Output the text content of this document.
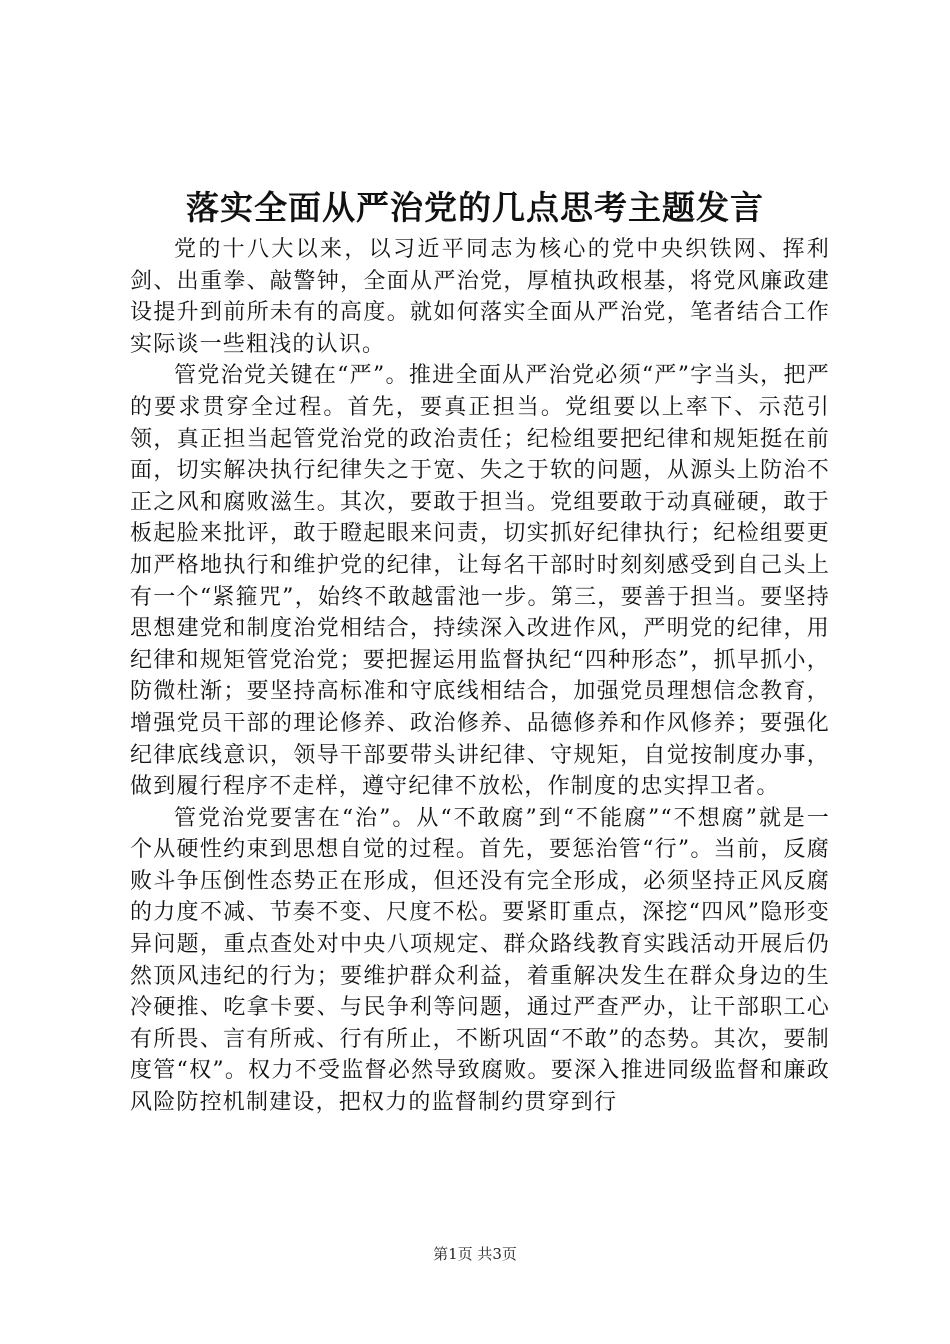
落实全面从严治党的几点思考主题发言

党的十八大以来，以习近平同志为核心的党中央织铁网、挥利剑、出重拳、敲警钟，全面从严治党，厚植执政根基，将党风廉政建设提升到前所未有的高度。就如何落实全面从严治党，笔者结合工作实际谈一些粗浅的认识。

管党治党关键在“严”。推进全面从严治党必须“严”字当头，把严的要求贯穿全过程。首先，要真正担当。党组要以上率下、示范引领，真正担当起管党治党的政治责任；纪检组要把纪律和规矩挺在前面，切实解决执行纪律失之于宽、失之于软的问题，从源头上防治不正之风和腐败滋生。其次，要敢于担当。党组要敢于动真碰硬，敢于板起脸来批评，敢于瞪起眼来问责，切实抓好纪律执行；纪检组要更加严格地执行和维护党的纪律，让每名干部时时刻刻感受到自己头上有一个“紧箍咒”，始终不敢越雷池一步。第三，要善于担当。要坚持思想建党和制度治党相结合，持续深入改进作风，严明党的纪律，用纪律和规矩管党治党；要把握运用监督执纪“四种形态”，抓早抓小，防微杜渐；要坚持高标准和守底线相结合，加强党员理想信念教育，增强党员干部的理论修养、政治修养、品德修养和作风修养；要强化纪律底线意识，领导干部要带头讲纪律、守规矩，自觉按制度办事，做到履行程序不走样，遵守纪律不放松，作制度的忠实捍卫者。

管党治党要害在“治”。从“不敢腐”到“不能腐”“不想腐”就是一个从硬性约束到思想自觉的过程。首先，要惩治管“行”。当前，反腐败斗争压倒性态势正在形成，但还没有完全形成，必须坚持正风反腐的力度不减、节奏不变、尺度不松。要紧盯重点，深挖“四风”隐形变异问题，重点查处对中央八项规定、群众路线教育实践活动开展后仍然顶风违纪的行为；要维护群众利益，着重解决发生在群众身边的生冷硬推、吃拿卡要、与民争利等问题，通过严查严办，让干部职工心有所畏、言有所戒、行有所止，不断巩固“不敢”的态势。其次，要制度管“权”。权力不受监督必然导致腐败。要深入推进同级监督和廉政风险防控机制建设，把权力的监督制约贯穿到行

第1页 共3页
